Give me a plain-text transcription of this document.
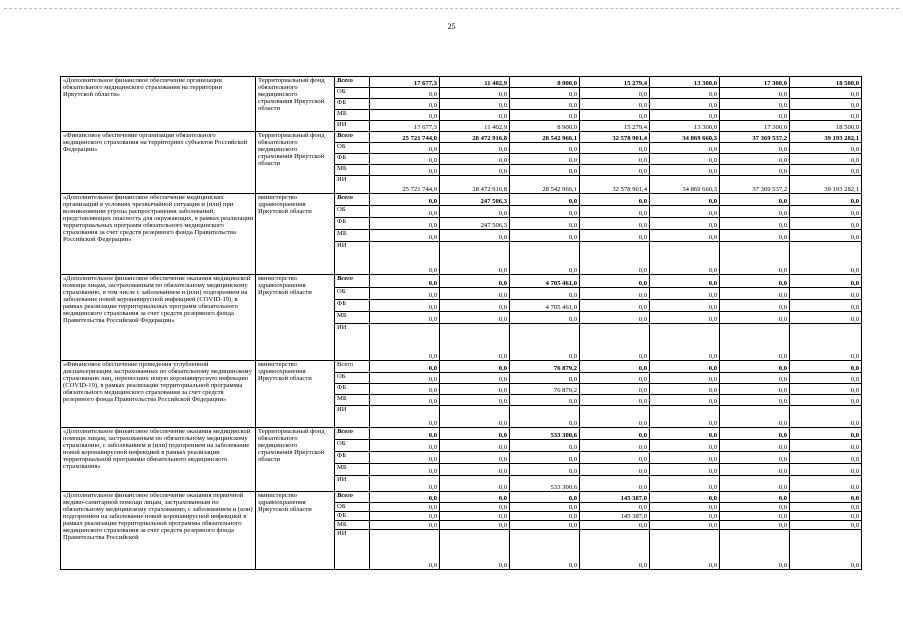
25
«Дополнительное финансовое обеспечение организации обязательного медицинского страхования на территории Иркутской области»	Территориальный фонд обязательного медицинского страхования Иркутской области	Всего	17 677,3	11 402,9	8 900,0	15 279,4	13 300,0	17 300,0	18 500,0
		ОБ	0,0	0,0	0,0	0,0	0,0	0,0	0,0
		ФБ	0,0	0,0	0,0	0,0	0,0	0,0	0,0
		МБ	0,0	0,0	0,0	0,0	0,0	0,0	0,0
		ИИ	17 677,3	11 402,9	8 900,0	15 279,4	13 300,0	17 300,0	18 500,0
«Финансовое обеспечение организации обязательного медицинского страхования на территориях субъектов Российской Федерации»	Территориальный фонд обязательного медицинского страхования Иркутской области	Всего	25 721 744,0	28 472 916,8	28 542 966,1	32 578 901,4	34 869 660,3	37 369 537,2	39 193 282,1
		ОБ	0,0	0,0	0,0	0,0	0,0	0,0	0,0
		ФБ	0,0	0,0	0,0	0,0	0,0	0,0	0,0
		МБ	0,0	0,0	0,0	0,0	0,0	0,0	0,0
		ИИ	25 721 744,0	28 472 916,8	28 542 966,1	32 578 901,4	34 869 660,3	37 369 537,2	39 193 282,1
«Дополнительное финансовое обеспечение медицинских организаций в условиях чрезвычайной ситуации и (или) при возникновении угрозы распространения заболеваний, представляющих опасность для окружающих, в рамках реализации территориальных программ обязательного медицинского страхования за счет средств резервного фонда Правительства Российской Федерации»	министерство здравоохранения Иркутской области	Всего	0,0	247 506,3	0,0	0,0	0,0	0,0	0,0
		ОБ	0,0	0,0	0,0	0,0	0,0	0,0	0,0
		ФБ	0,0	247 506,3	0,0	0,0	0,0	0,0	0,0
		МБ	0,0	0,0	0,0	0,0	0,0	0,0	0,0
		ИИ	0,0	0,0	0,0	0,0	0,0	0,0	0,0
«Дополнительное финансовое обеспечение оказания медицинской помощи лицам, застрахованным по обязательному медицинскому страхованию, в том числе с заболеванием и (или) подозрением на заболевание новой коронавирусной инфекцией (COVID-19), в рамках реализации территориальных программ обязательного медицинского страхования за счет средств резервного фонда Правительства Российской Федерации»	министерство здравоохранения Иркутской области	Всего	0,0	0,0	4 705 461,0	0,0	0,0	0,0	0,0
		ОБ	0,0	0,0	0,0	0,0	0,0	0,0	0,0
		ФБ	0,0	0,0	4 705 461,0	0,0	0,0	0,0	0,0
		МБ	0,0	0,0	0,0	0,0	0,0	0,0	0,0
		ИИ	0,0	0,0	0,0	0,0	0,0	0,0	0,0
«Финансовое обеспечение проведения углубленной диспансеризации застрахованных по обязательному медицинскому страхованию лиц, перенесших новую коронавирусную инфекцию (COVID-19), в рамках реализации территориальной программы обязательного медицинского страхования за счет средств резервного фонда Правительства Российской Федерации»	министерство здравоохранения Иркутской области	Всего	0,0	0,0	76 879,2	0,0	0,0	0,0	0,0
		ОБ	0,0	0,0	0,0	0,0	0,0	0,0	0,0
		ФБ	0,0	0,0	76 879,2	0,0	0,0	0,0	0,0
		МБ	0,0	0,0	0,0	0,0	0,0	0,0	0,0
		ИИ	0,0	0,0	0,0	0,0	0,0	0,0	0,0
«Дополнительное финансовое обеспечение оказания медицинской помощи лицам, застрахованным по обязательному медицинскому страхованию, с заболеванием и (или) подозрением на заболевание новой коронавирусной инфекцией в рамках реализации территориальной программы обязательного медицинского страхования»	Территориальный фонд обязательного медицинского страхования Иркутской области	Всего	0,0	0,0	533 300,6	0,0	0,0	0,0	0,0
		ОБ	0,0	0,0	0,0	0,0	0,0	0,0	0,0
		ФБ	0,0	0,0	0,0	0,0	0,0	0,0	0,0
		МБ	0,0	0,0	0,0	0,0	0,0	0,0	0,0
		ИИ	0,0	0,0	533 300,6	0,0	0,0	0,0	0,0
«Дополнительное финансовое обеспечение оказания первичной медико-санитарной помощи лицам, застрахованным по обязательному медицинскому страхованию, с заболеванием и (или) подозрением на заболевание новой коронавирусной инфекцией в рамках реализации территориальной программы обязательного медицинского страхования за счет средств резервного фонда Правительства Российской	министерство здравоохранения Иркутской области	Всего	0,0	0,0	0,0	145 387,0	0,0	0,0	0,0
		ОБ	0,0	0,0	0,0	0,0	0,0	0,0	0,0
		ФБ	0,0	0,0	0,0	145 387,0	0,0	0,0	0,0
		МБ	0,0	0,0	0,0	0,0	0,0	0,0	0,0
		ИИ	0,0	0,0	0,0	0,0	0,0	0,0	0,0
